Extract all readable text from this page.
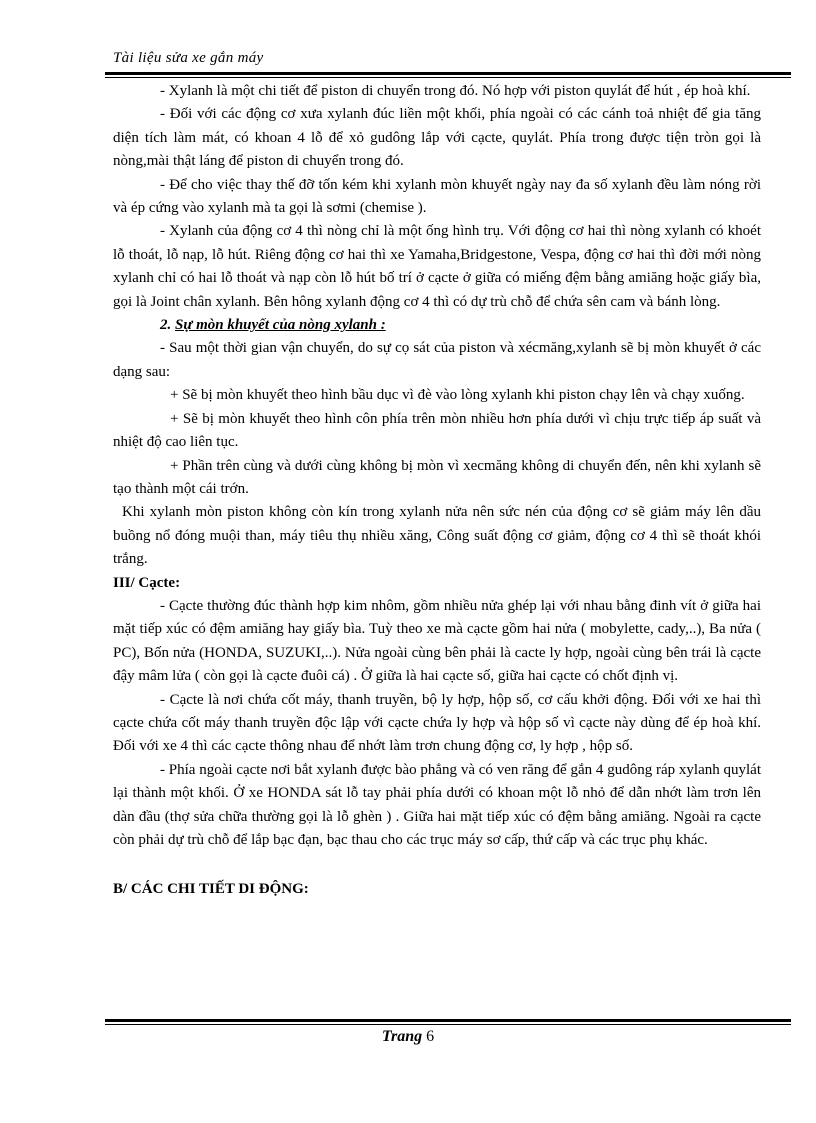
Tài liệu sửa xe gắn máy

- Xylanh là một chi tiết để piston di chuyển trong đó. Nó hợp với piston quylát để hút , ép hoà khí.

- Đối với các động cơ xưa xylanh đúc liền một khối, phía ngoài có các cánh toả nhiệt để gia tăng diện tích làm mát, có khoan 4 lỗ để xỏ gudông lắp với cạcte, quylát. Phía trong được tiện tròn gọi là nòng,mài thật láng để piston di chuyển trong đó.

- Để cho việc thay thế đỡ tốn kém khi xylanh mòn khuyết ngày nay đa số xylanh đều làm nóng rời và ép cứng vào xylanh mà ta gọi là sơmi (chemise ).

- Xylanh của động cơ 4 thì nòng chỉ là một ống hình trụ. Với động cơ hai thì nòng xylanh có khoét lỗ thoát, lỗ nạp, lỗ hút. Riêng động cơ hai thì xe Yamaha,Bridgestone, Vespa, động cơ hai thì đời mới nòng xylanh chỉ có hai lỗ thoát và nạp còn lỗ hút bố trí ở cạcte ở giữa có miếng đệm bằng amiăng hoặc giấy bìa, gọi là Joint chân xylanh. Bên hông xylanh động cơ 4 thì có dự trù chỗ để chứa sên cam và bánh lòng.

2. Sự mòn khuyết của nòng xylanh :

- Sau một thời gian vận chuyển, do sự cọ sát của piston và xécmăng,xylanh sẽ bị mòn khuyết ở các dạng sau:

+ Sẽ bị mòn khuyết theo hình bầu dục vì đè vào lòng xylanh khi piston chạy lên và chạy xuống.

+ Sẽ bị mòn khuyết theo hình côn phía trên mòn nhiều hơn phía dưới vì chịu trực tiếp áp suất và nhiệt độ cao liên tục.

+ Phần trên cùng và dưới cùng không bị mòn vì xecmăng không di chuyển đến, nên khi xylanh sẽ tạo thành một cái trớn.

Khi xylanh mòn piston không còn kín trong xylanh nửa nên sức nén của động cơ sẽ giảm máy lên dầu buồng nổ đóng muội than, máy tiêu thụ nhiều xăng, Công suất động cơ giảm, động cơ 4 thì sẽ thoát khói trắng.

III/ Cạcte:

- Cạcte thường đúc thành hợp kim nhôm, gồm nhiều nửa ghép lại với nhau bằng đinh vít ở giữa hai mặt tiếp xúc có đệm amiăng hay giấy bìa. Tuỳ theo xe mà cạcte gồm hai nửa ( mobylette, cady,..), Ba nửa ( PC), Bốn nửa (HONDA, SUZUKI,..). Nửa ngoài cùng bên phải là cacte ly hợp, ngoài cùng bên trái là cạcte đậy mâm lửa ( còn gọi là cạcte đuôi cá) . Ở giữa là hai cạcte số, giữa hai cạcte có chốt định vị.

- Cạcte là nơi chứa cốt máy, thanh truyền, bộ ly hợp, hộp số, cơ cấu khởi động. Đối với xe hai thì cạcte chứa cốt máy thanh truyền độc lập với cạcte chứa ly hợp và hộp số vì cạcte này dùng để ép hoà khí. Đối với xe 4 thì các cạcte thông nhau để nhớt làm trơn chung động cơ, ly hợp , hộp số.

- Phía ngoài cạcte nơi bắt xylanh được bào phẳng và có ven răng để gắn 4 gudông ráp xylanh quylát lại thành một khối. Ở xe HONDA sát lỗ tay phải phía dưới có khoan một lỗ nhỏ để dẫn nhớt làm trơn lên dàn đầu (thợ sửa chữa thường gọi là lỗ ghèn ) . Giữa hai mặt tiếp xúc có đệm bằng amiăng. Ngoài ra cạcte còn phải dự trù chỗ để lắp bạc đạn, bạc thau cho các trục máy sơ cấp, thứ cấp và các trục phụ khác.

B/ CÁC CHI TIẾT DI ĐỘNG:

Trang 6
